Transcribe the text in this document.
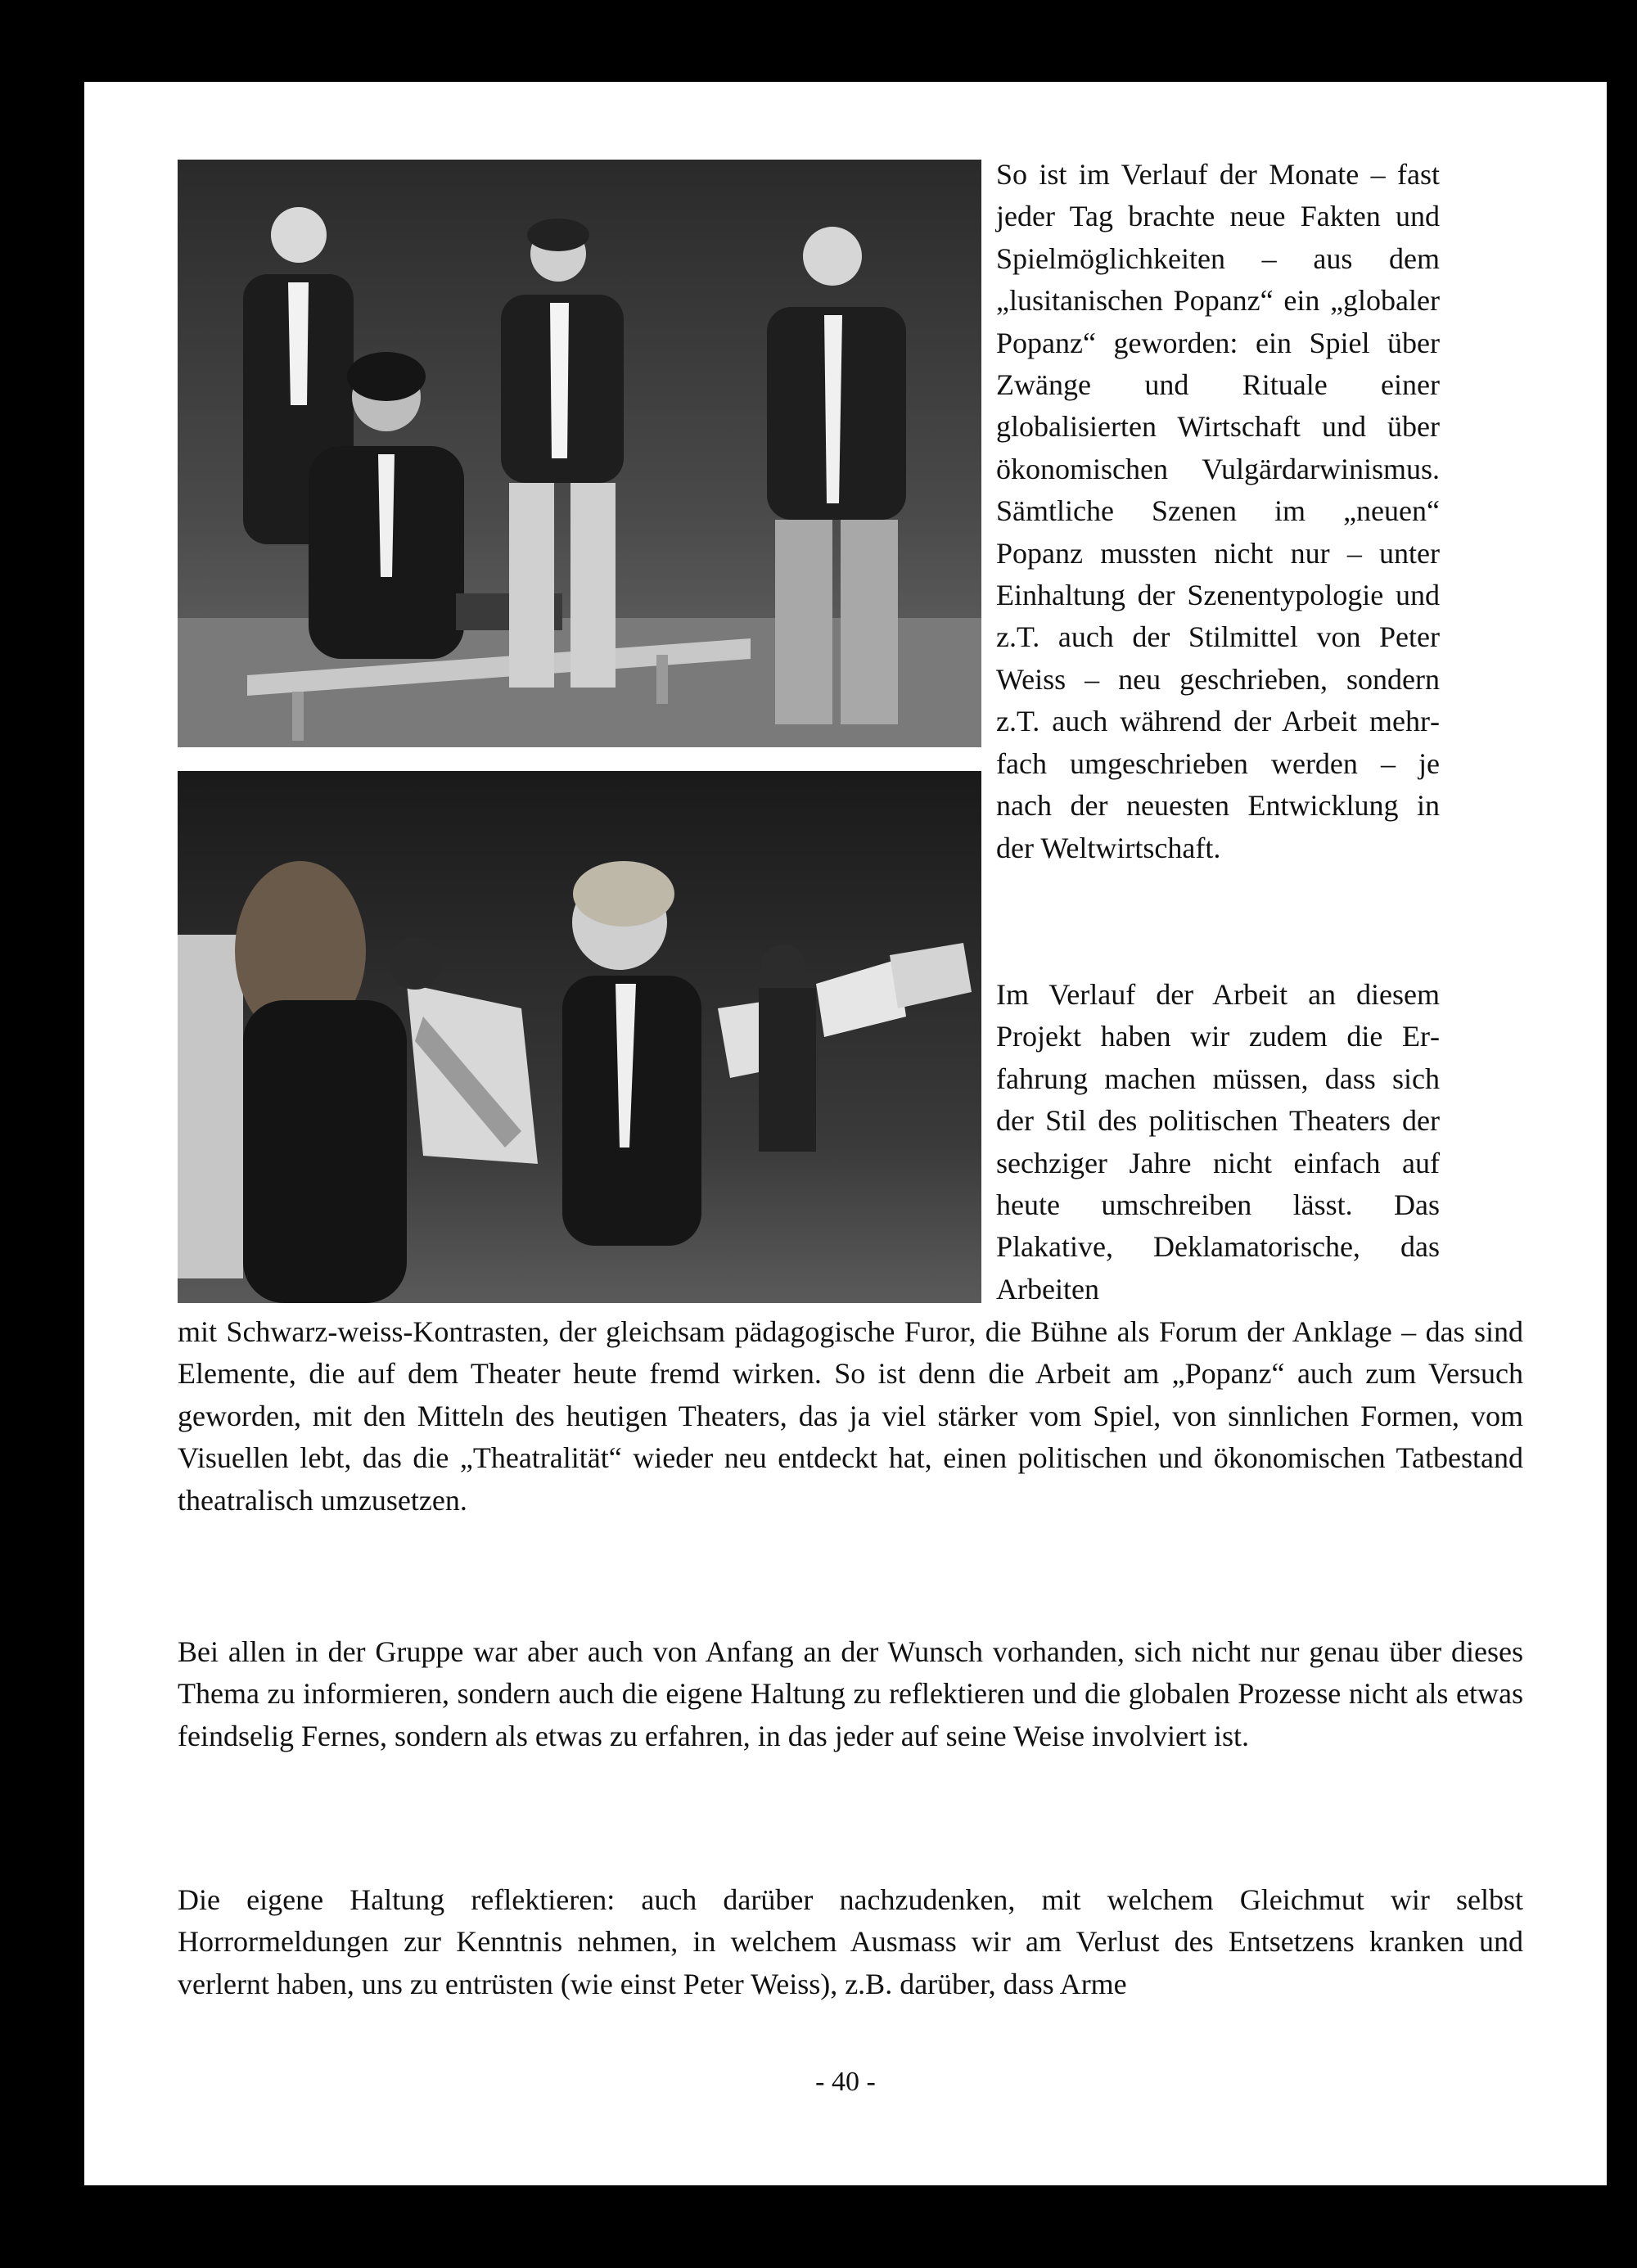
So ist im Verlauf der Monate – fast jeder Tag brachte neue Fakten und Spielmöglichkeiten – aus dem „lusitanischen Popanz“ ein „globaler Popanz“ geworden: ein Spiel über Zwänge und Rituale einer globalisierten Wirtschaft und über ökonomischen Vulgärdarwinismus. Sämtliche Szenen im „neuen“ Popanz mussten nicht nur – unter Einhaltung der Szenentypologie und z.T. auch der Stilmittel von Peter Weiss – neu geschrieben, sondern z.T. auch während der Arbeit mehrfach umgeschrieben werden – je nach der neuesten Entwicklung in der Weltwirtschaft.

Im Verlauf der Arbeit an diesem Projekt haben wir zudem die Erfahrung machen müssen, dass sich der Stil des politischen Theaters der sechziger Jahre nicht einfach auf heute umschreiben lässt. Das Plakative, Deklamatorische, das Arbeiten

mit Schwarz-weiss-Kontrasten, der gleichsam pädagogische Furor, die Bühne als Forum der Anklage – das sind Elemente, die auf dem Theater heute fremd wirken. So ist denn die Arbeit am „Popanz“ auch zum Versuch geworden, mit den Mitteln des heutigen Theaters, das ja viel stärker vom Spiel, von sinnlichen Formen, vom Visuellen lebt, das die „Theatralität“ wieder neu entdeckt hat, einen politischen und ökonomischen Tatbestand theatralisch umzusetzen.

Bei allen in der Gruppe war aber auch von Anfang an der Wunsch vorhanden, sich nicht nur genau über dieses Thema zu informieren, sondern auch die eigene Haltung zu reflektieren und die globalen Prozesse nicht als etwas feindselig Fernes, sondern als etwas zu erfahren, in das jeder auf seine Weise involviert ist.

Die eigene Haltung reflektieren: auch darüber nachzudenken, mit welchem Gleichmut wir selbst Horrormeldungen zur Kenntnis nehmen, in welchem Ausmass wir am Verlust des Entsetzens kranken und verlernt haben, uns zu entrüsten (wie einst Peter Weiss), z.B. darüber, dass Arme

- 40 -
